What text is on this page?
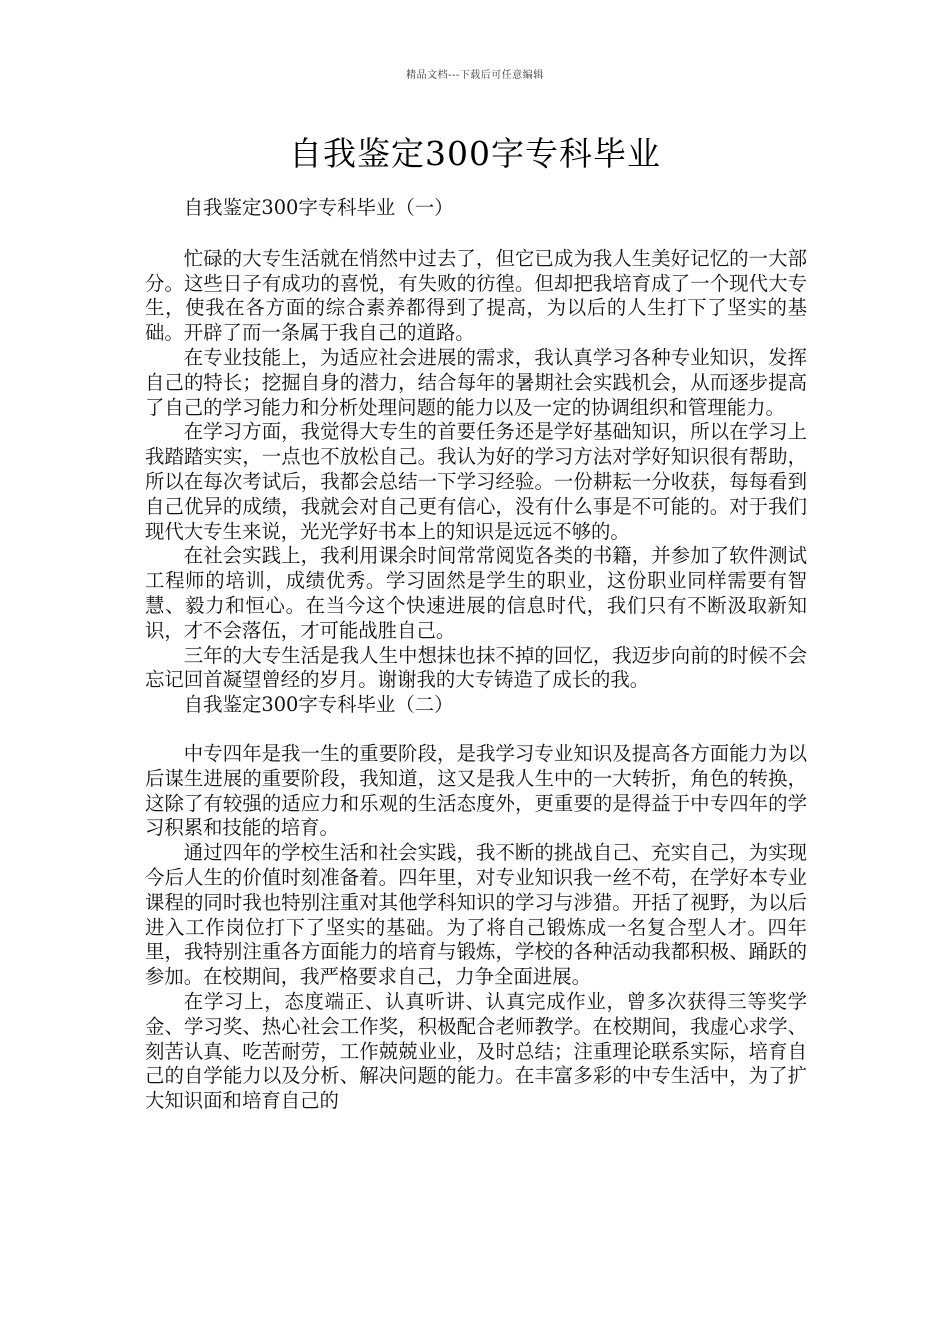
精品文档---下载后可任意编辑
自我鉴定300字专科毕业

自我鉴定300字专科毕业（一）

忙碌的大专生活就在悄然中过去了，但它已成为我人生美好记忆的一大部分。这些日子有成功的喜悦，有失败的彷徨。但却把我培育成了一个现代大专生，使我在各方面的综合素养都得到了提高，为以后的人生打下了坚实的基础。开辟了而一条属于我自己的道路。

在专业技能上，为适应社会进展的需求，我认真学习各种专业知识，发挥自己的特长；挖掘自身的潜力，结合每年的暑期社会实践机会，从而逐步提高了自己的学习能力和分析处理问题的能力以及一定的协调组织和管理能力。

在学习方面，我觉得大专生的首要任务还是学好基础知识，所以在学习上我踏踏实实，一点也不放松自己。我认为好的学习方法对学好知识很有帮助，所以在每次考试后，我都会总结一下学习经验。一份耕耘一分收获，每每看到自己优异的成绩，我就会对自己更有信心，没有什么事是不可能的。对于我们现代大专生来说，光光学好书本上的知识是远远不够的。

在社会实践上，我利用课余时间常常阅览各类的书籍，并参加了软件测试工程师的培训，成绩优秀。学习固然是学生的职业，这份职业同样需要有智慧、毅力和恒心。在当今这个快速进展的信息时代，我们只有不断汲取新知识，才不会落伍，才可能战胜自己。

三年的大专生活是我人生中想抹也抹不掉的回忆，我迈步向前的时候不会忘记回首凝望曾经的岁月。谢谢我的大专铸造了成长的我。

自我鉴定300字专科毕业（二）

中专四年是我一生的重要阶段，是我学习专业知识及提高各方面能力为以后谋生进展的重要阶段，我知道，这又是我人生中的一大转折，角色的转换，这除了有较强的适应力和乐观的生活态度外，更重要的是得益于中专四年的学习积累和技能的培育。

通过四年的学校生活和社会实践，我不断的挑战自己、充实自己，为实现今后人生的价值时刻准备着。四年里，对专业知识我一丝不苟，在学好本专业课程的同时我也特别注重对其他学科知识的学习与涉猎。开括了视野，为以后进入工作岗位打下了坚实的基础。为了将自己锻炼成一名复合型人才。四年里，我特别注重各方面能力的培育与锻炼，学校的各种活动我都积极、踊跃的参加。在校期间，我严格要求自己，力争全面进展。

在学习上，态度端正、认真听讲、认真完成作业，曾多次获得三等奖学金、学习奖、热心社会工作奖，积极配合老师教学。在校期间，我虚心求学、刻苦认真、吃苦耐劳，工作兢兢业业，及时总结；注重理论联系实际，培育自己的自学能力以及分析、解决问题的能力。在丰富多彩的中专生活中，为了扩大知识面和培育自己的
